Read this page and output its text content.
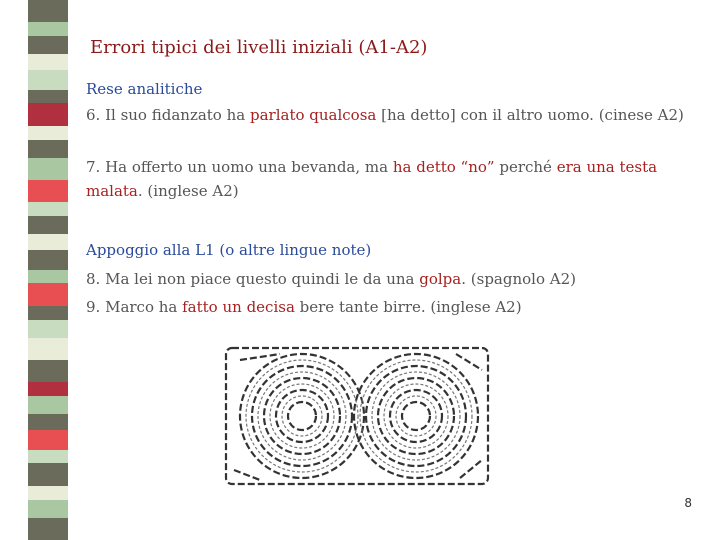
Errori tipici dei livelli iniziali (A1-A2)

Rese analitiche

6. Il suo fidanzato ha parlato qualcosa [ha detto] con il altro uomo. (cinese A2)

7. Ha offerto un uomo una bevanda, ma ha detto “no” perché era una testa malata. (inglese A2)

Appoggio alla L1 (o altre lingue note)

8. Ma lei non piace questo quindi le da una golpa. (spagnolo A2)

9. Marco ha fatto un decisa bere tante birre. (inglese A2)

8
